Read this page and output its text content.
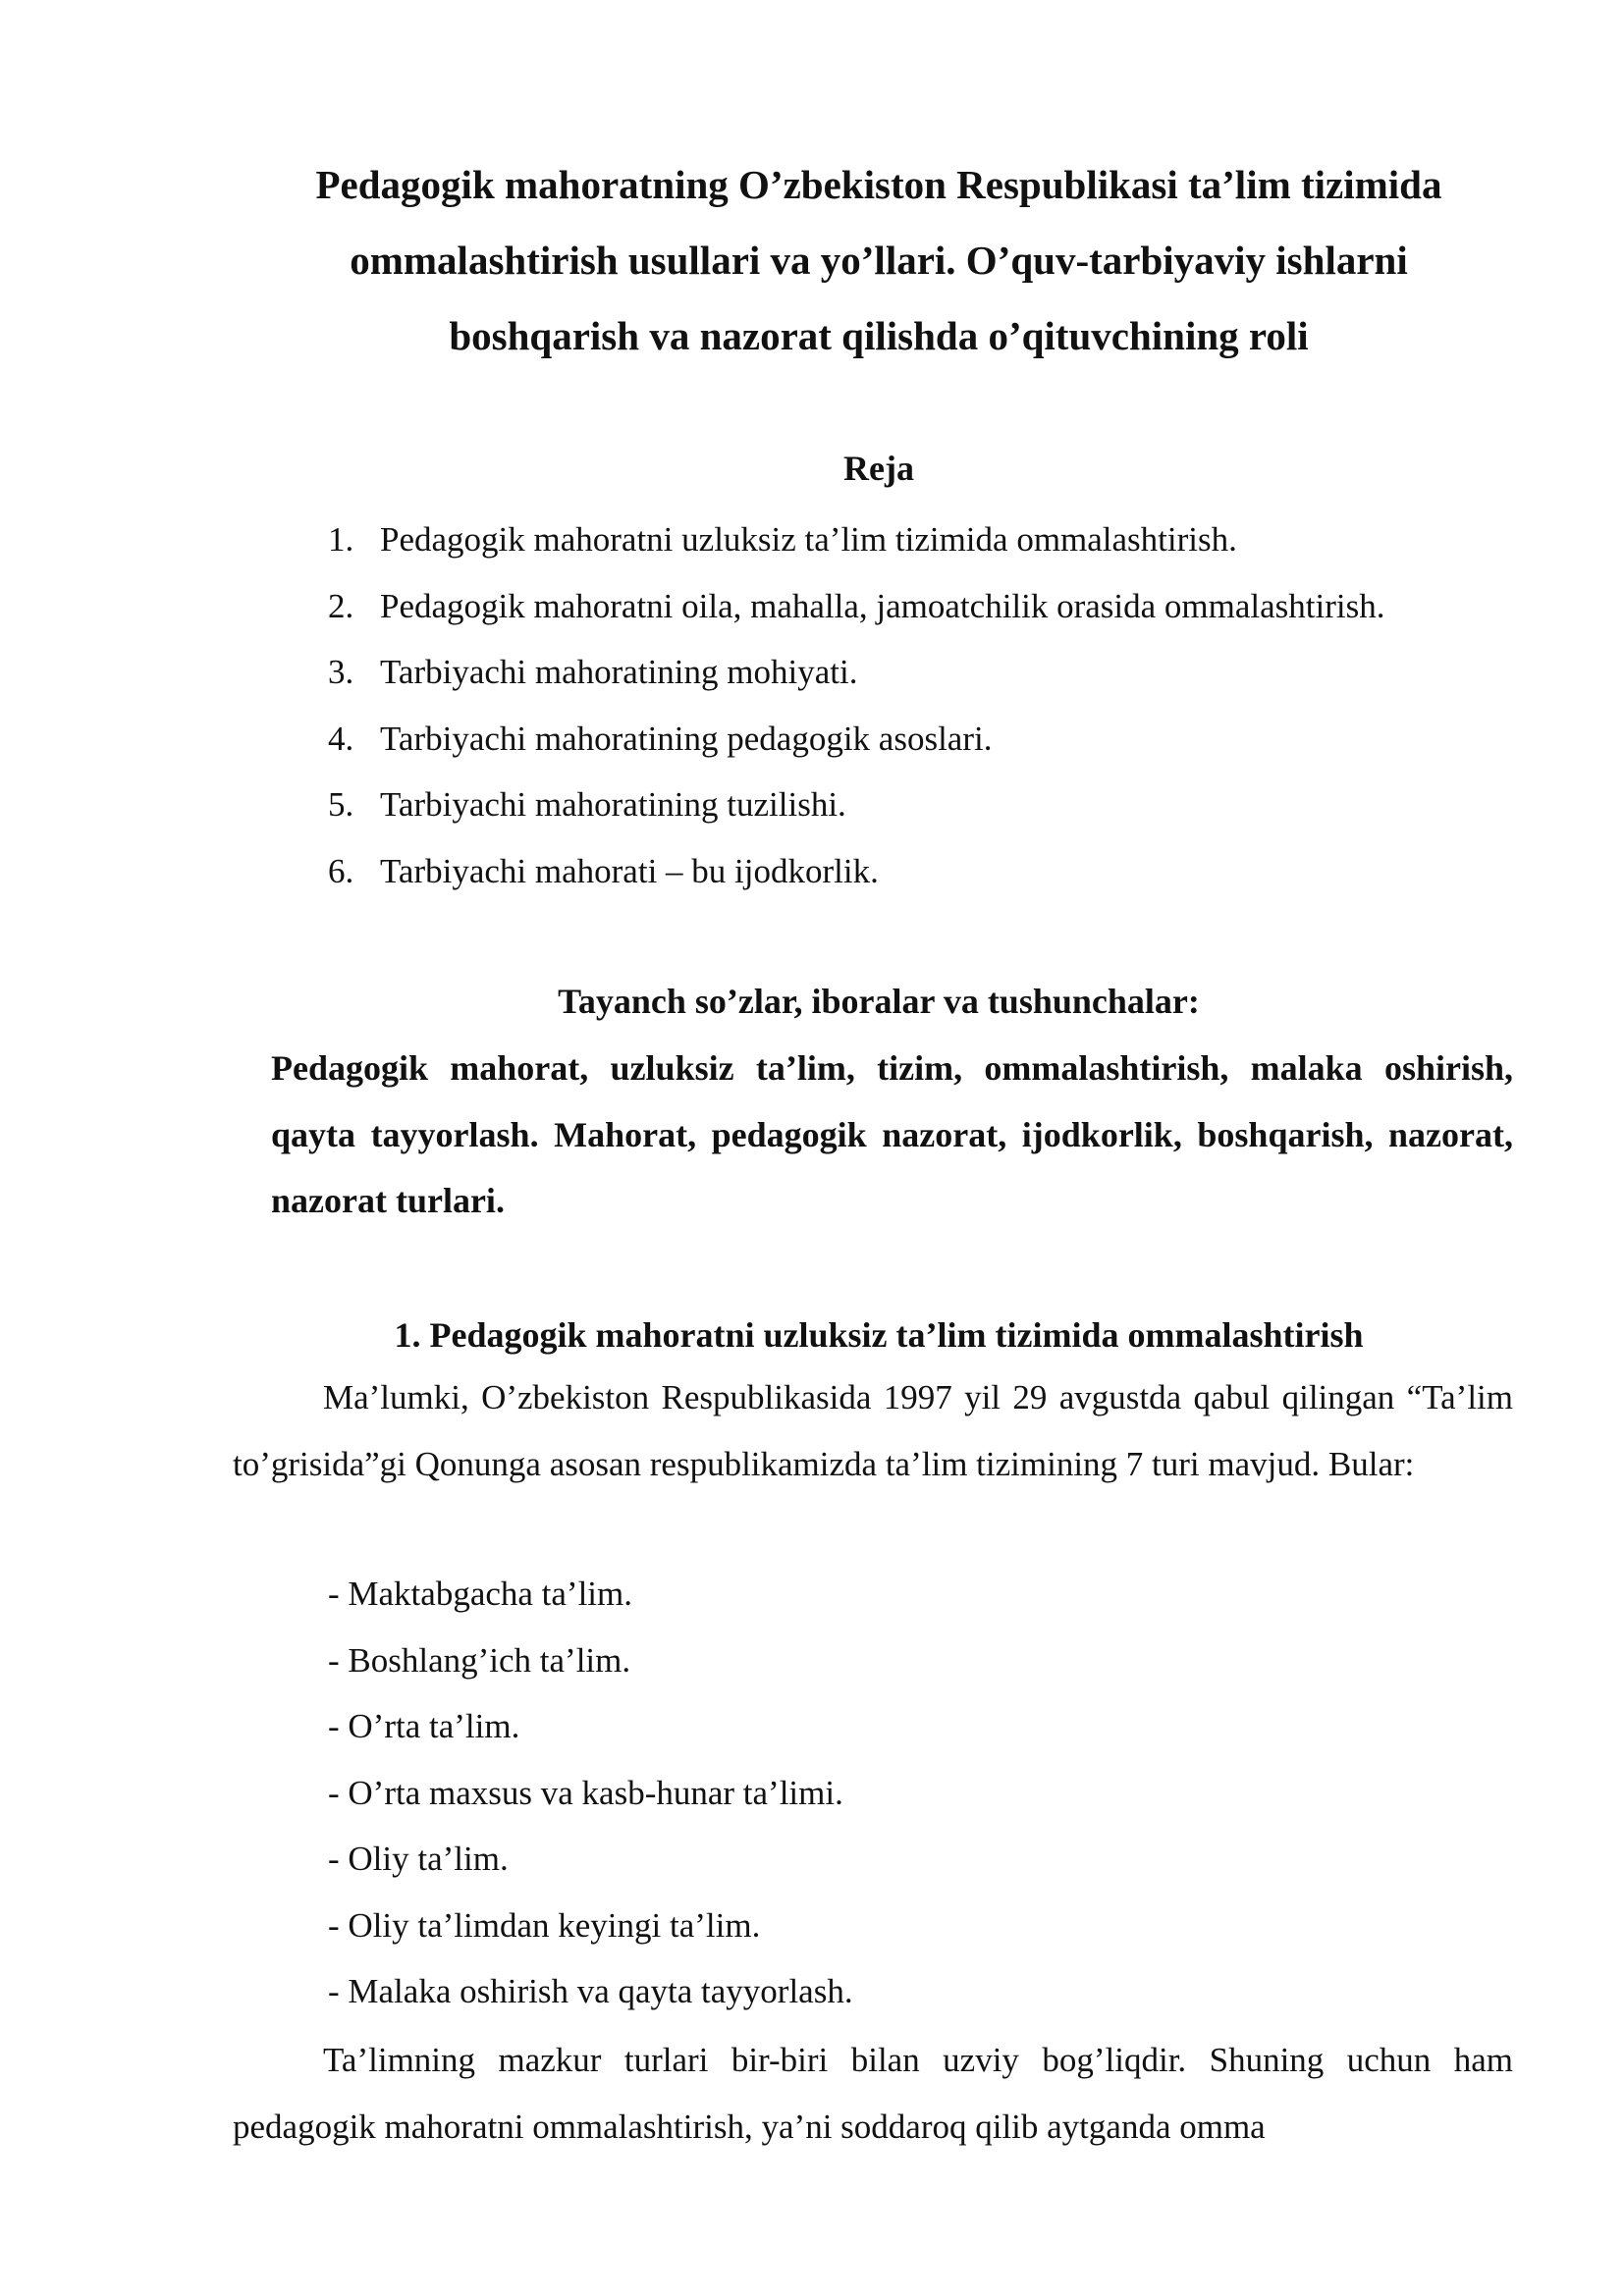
Pedagogik mahoratning O’zbekiston Respublikasi ta’lim tizimida
ommalashtirish usullari va yo’llari. O’quv-tarbiyaviy ishlarni
boshqarish va nazorat qilishda o’qituvchining roli

Reja

1. Pedagogik mahoratni uzluksiz ta’lim tizimida ommalashtirish.
2. Pedagogik mahoratni oila, mahalla, jamoatchilik orasida ommalashtirish.
3. Tarbiyachi mahoratining mohiyati.
4. Tarbiyachi mahoratining pedagogik asoslari.
5. Tarbiyachi mahoratining tuzilishi.
6. Tarbiyachi mahorati – bu ijodkorlik.

Tayanch so’zlar, iboralar va tushunchalar:

Pedagogik mahorat, uzluksiz ta’lim, tizim, ommalashtirish, malaka oshirish, qayta tayyorlash. Mahorat, pedagogik nazorat, ijodkorlik, boshqarish, nazorat, nazorat turlari.

1. Pedagogik mahoratni uzluksiz ta’lim tizimida ommalashtirish

Ma’lumki, O’zbekiston Respublikasida 1997 yil 29 avgustda qabul qilingan “Ta’lim to’grisida”gi Qonunga asosan respublikamizda ta’lim tizimining 7 turi mavjud. Bular:

- Maktabgacha ta’lim.
- Boshlang’ich ta’lim.
- O’rta ta’lim.
- O’rta maxsus va kasb-hunar ta’limi.
- Oliy ta’lim.
- Oliy ta’limdan keyingi ta’lim.
- Malaka oshirish va qayta tayyorlash.

Ta’limning mazkur turlari bir-biri bilan uzviy bog’liqdir. Shuning uchun ham pedagogik mahoratni ommalashtirish, ya’ni soddaroq qilib aytganda omma
